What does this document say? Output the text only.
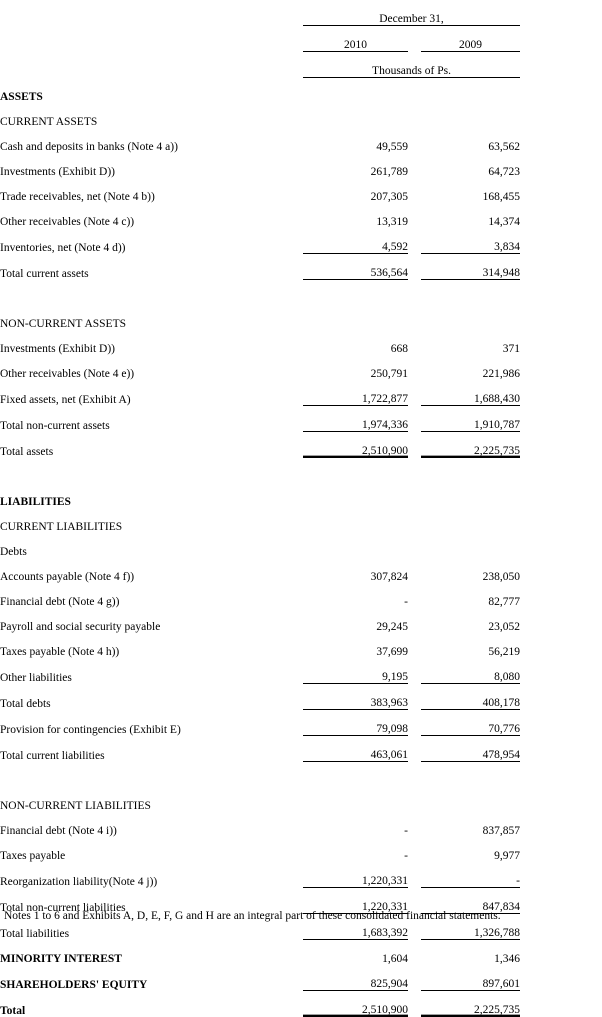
	December 31,			
	2010		2009	
	Thousands of Ps.			
ASSETS				
CURRENT ASSETS				
Cash and deposits in banks (Note 4 a))	49,559		63,562	
Investments (Exhibit D))	261,789		64,723	
Trade receivables, net (Note 4 b))	207,305		168,455	
Other receivables (Note 4 c))	13,319		14,374	
Inventories, net (Note 4 d))	4,592		3,834	
Total current assets	536,564		314,948	

NON-CURRENT ASSETS				
Investments (Exhibit D))	668		371	
Other receivables (Note 4 e))	250,791		221,986	
Fixed assets, net (Exhibit A)	1,722,877		1,688,430	
Total non-current assets	1,974,336		1,910,787	
Total assets	2,510,900		2,225,735	

LIABILITIES				
CURRENT LIABILITIES				
Debts				
Accounts payable (Note 4 f))	307,824		238,050	
Financial debt (Note 4 g))	-		82,777	
Payroll and social security payable	29,245		23,052	
Taxes payable (Note 4 h))	37,699		56,219	
Other liabilities	9,195		8,080	
Total debts	383,963		408,178	
Provision for contingencies (Exhibit E)	79,098		70,776	
Total current liabilities	463,061		478,954	

NON-CURRENT LIABILITIES				
Financial debt (Note 4 i))	-		837,857	
Taxes payable	-		9,977	
Reorganization liability(Note 4 j))	1,220,331		-	
Total non-current liabilities	1,220,331		847,834	
Total liabilities	1,683,392		1,326,788	
MINORITY INTEREST	1,604		1,346	
SHAREHOLDERS' EQUITY	825,904		897,601	
Total	2,510,900		2,225,735	
Notes 1 to 6 and Exhibits A, D, E, F, G and H are an integral part of these consolidated financial statements.
